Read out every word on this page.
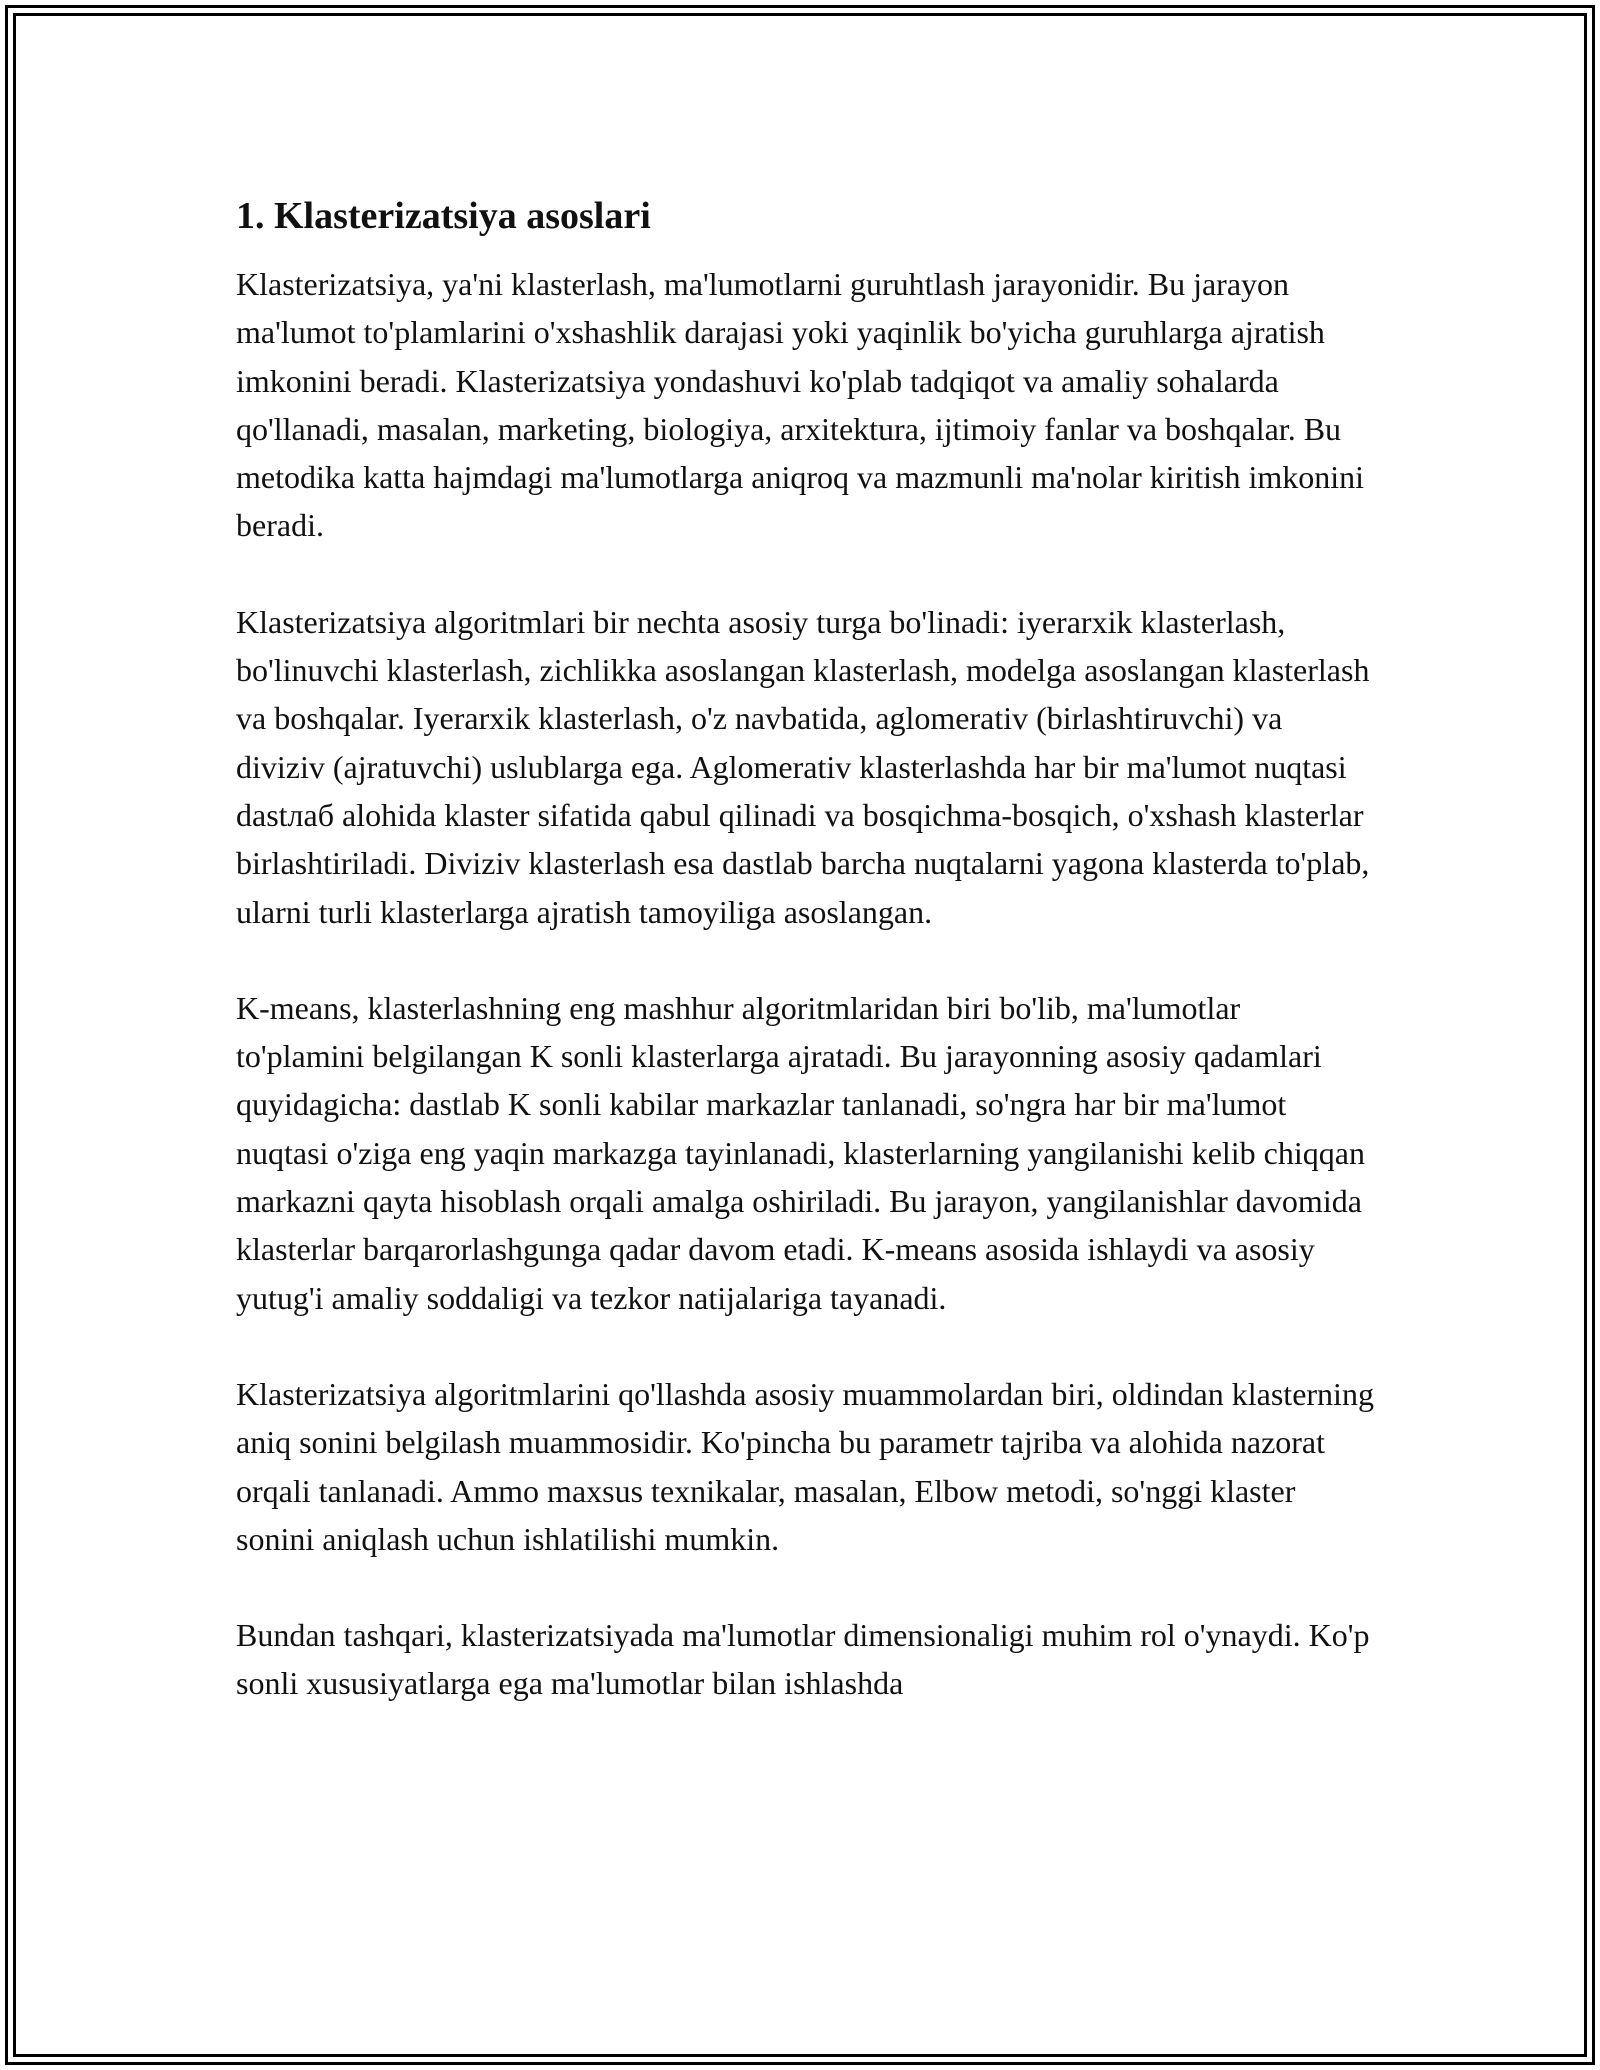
1. Klasterizatsiya asoslari

Klasterizatsiya, ya'ni klasterlash, ma'lumotlarni guruhtlash jarayonidir. Bu jarayon ma'lumot to'plamlarini o'xshashlik darajasi yoki yaqinlik bo'yicha guruhlarga ajratish imkonini beradi. Klasterizatsiya yondashuvi ko'plab tadqiqot va amaliy sohalarda qo'llanadi, masalan, marketing, biologiya, arxitektura, ijtimoiy fanlar va boshqalar. Bu metodika katta hajmdagi ma'lumotlarga aniqroq va mazmunli ma'nolar kiritish imkonini beradi.

Klasterizatsiya algoritmlari bir nechta asosiy turga bo'linadi: iyerarxik klasterlash, bo'linuvchi klasterlash, zichlikka asoslangan klasterlash, modelga asoslangan klasterlash va boshqalar. Iyerarxik klasterlash, o'z navbatida, aglomerativ (birlashtiruvchi) va diviziv (ajratuvchi) uslublarga ega. Aglomerativ klasterlashda har bir ma'lumot nuqtasi dastлаб alohida klaster sifatida qabul qilinadi va bosqichma-bosqich, o'xshash klasterlar birlashtiriladi. Diviziv klasterlash esa dastlab barcha nuqtalarni yagona klasterda to'plab, ularni turli klasterlarga ajratish tamoyiliga asoslangan.

K-means, klasterlashning eng mashhur algoritmlaridan biri bo'lib, ma'lumotlar to'plamini belgilangan K sonli klasterlarga ajratadi. Bu jarayonning asosiy qadamlari quyidagicha: dastlab K sonli kabilar markazlar tanlanadi, so'ngra har bir ma'lumot nuqtasi o'ziga eng yaqin markazga tayinlanadi, klasterlarning yangilanishi kelib chiqqan markazni qayta hisoblash orqali amalga oshiriladi. Bu jarayon, yangilanishlar davomida klasterlar barqarorlashgunga qadar davom etadi. K-means asosida ishlaydi va asosiy yutug'i amaliy soddaligi va tezkor natijalariga tayanadi.

Klasterizatsiya algoritmlarini qo'llashda asosiy muammolardan biri, oldindan klasterning aniq sonini belgilash muammosidir. Ko'pincha bu parametr tajriba va alohida nazorat orqali tanlanadi. Ammo maxsus texnikalar, masalan, Elbow metodi, so'nggi klaster sonini aniqlash uchun ishlatilishi mumkin.

Bundan tashqari, klasterizatsiyada ma'lumotlar dimensionaligi muhim rol o'ynaydi. Ko'p sonli xususiyatlarga ega ma'lumotlar bilan ishlashda
